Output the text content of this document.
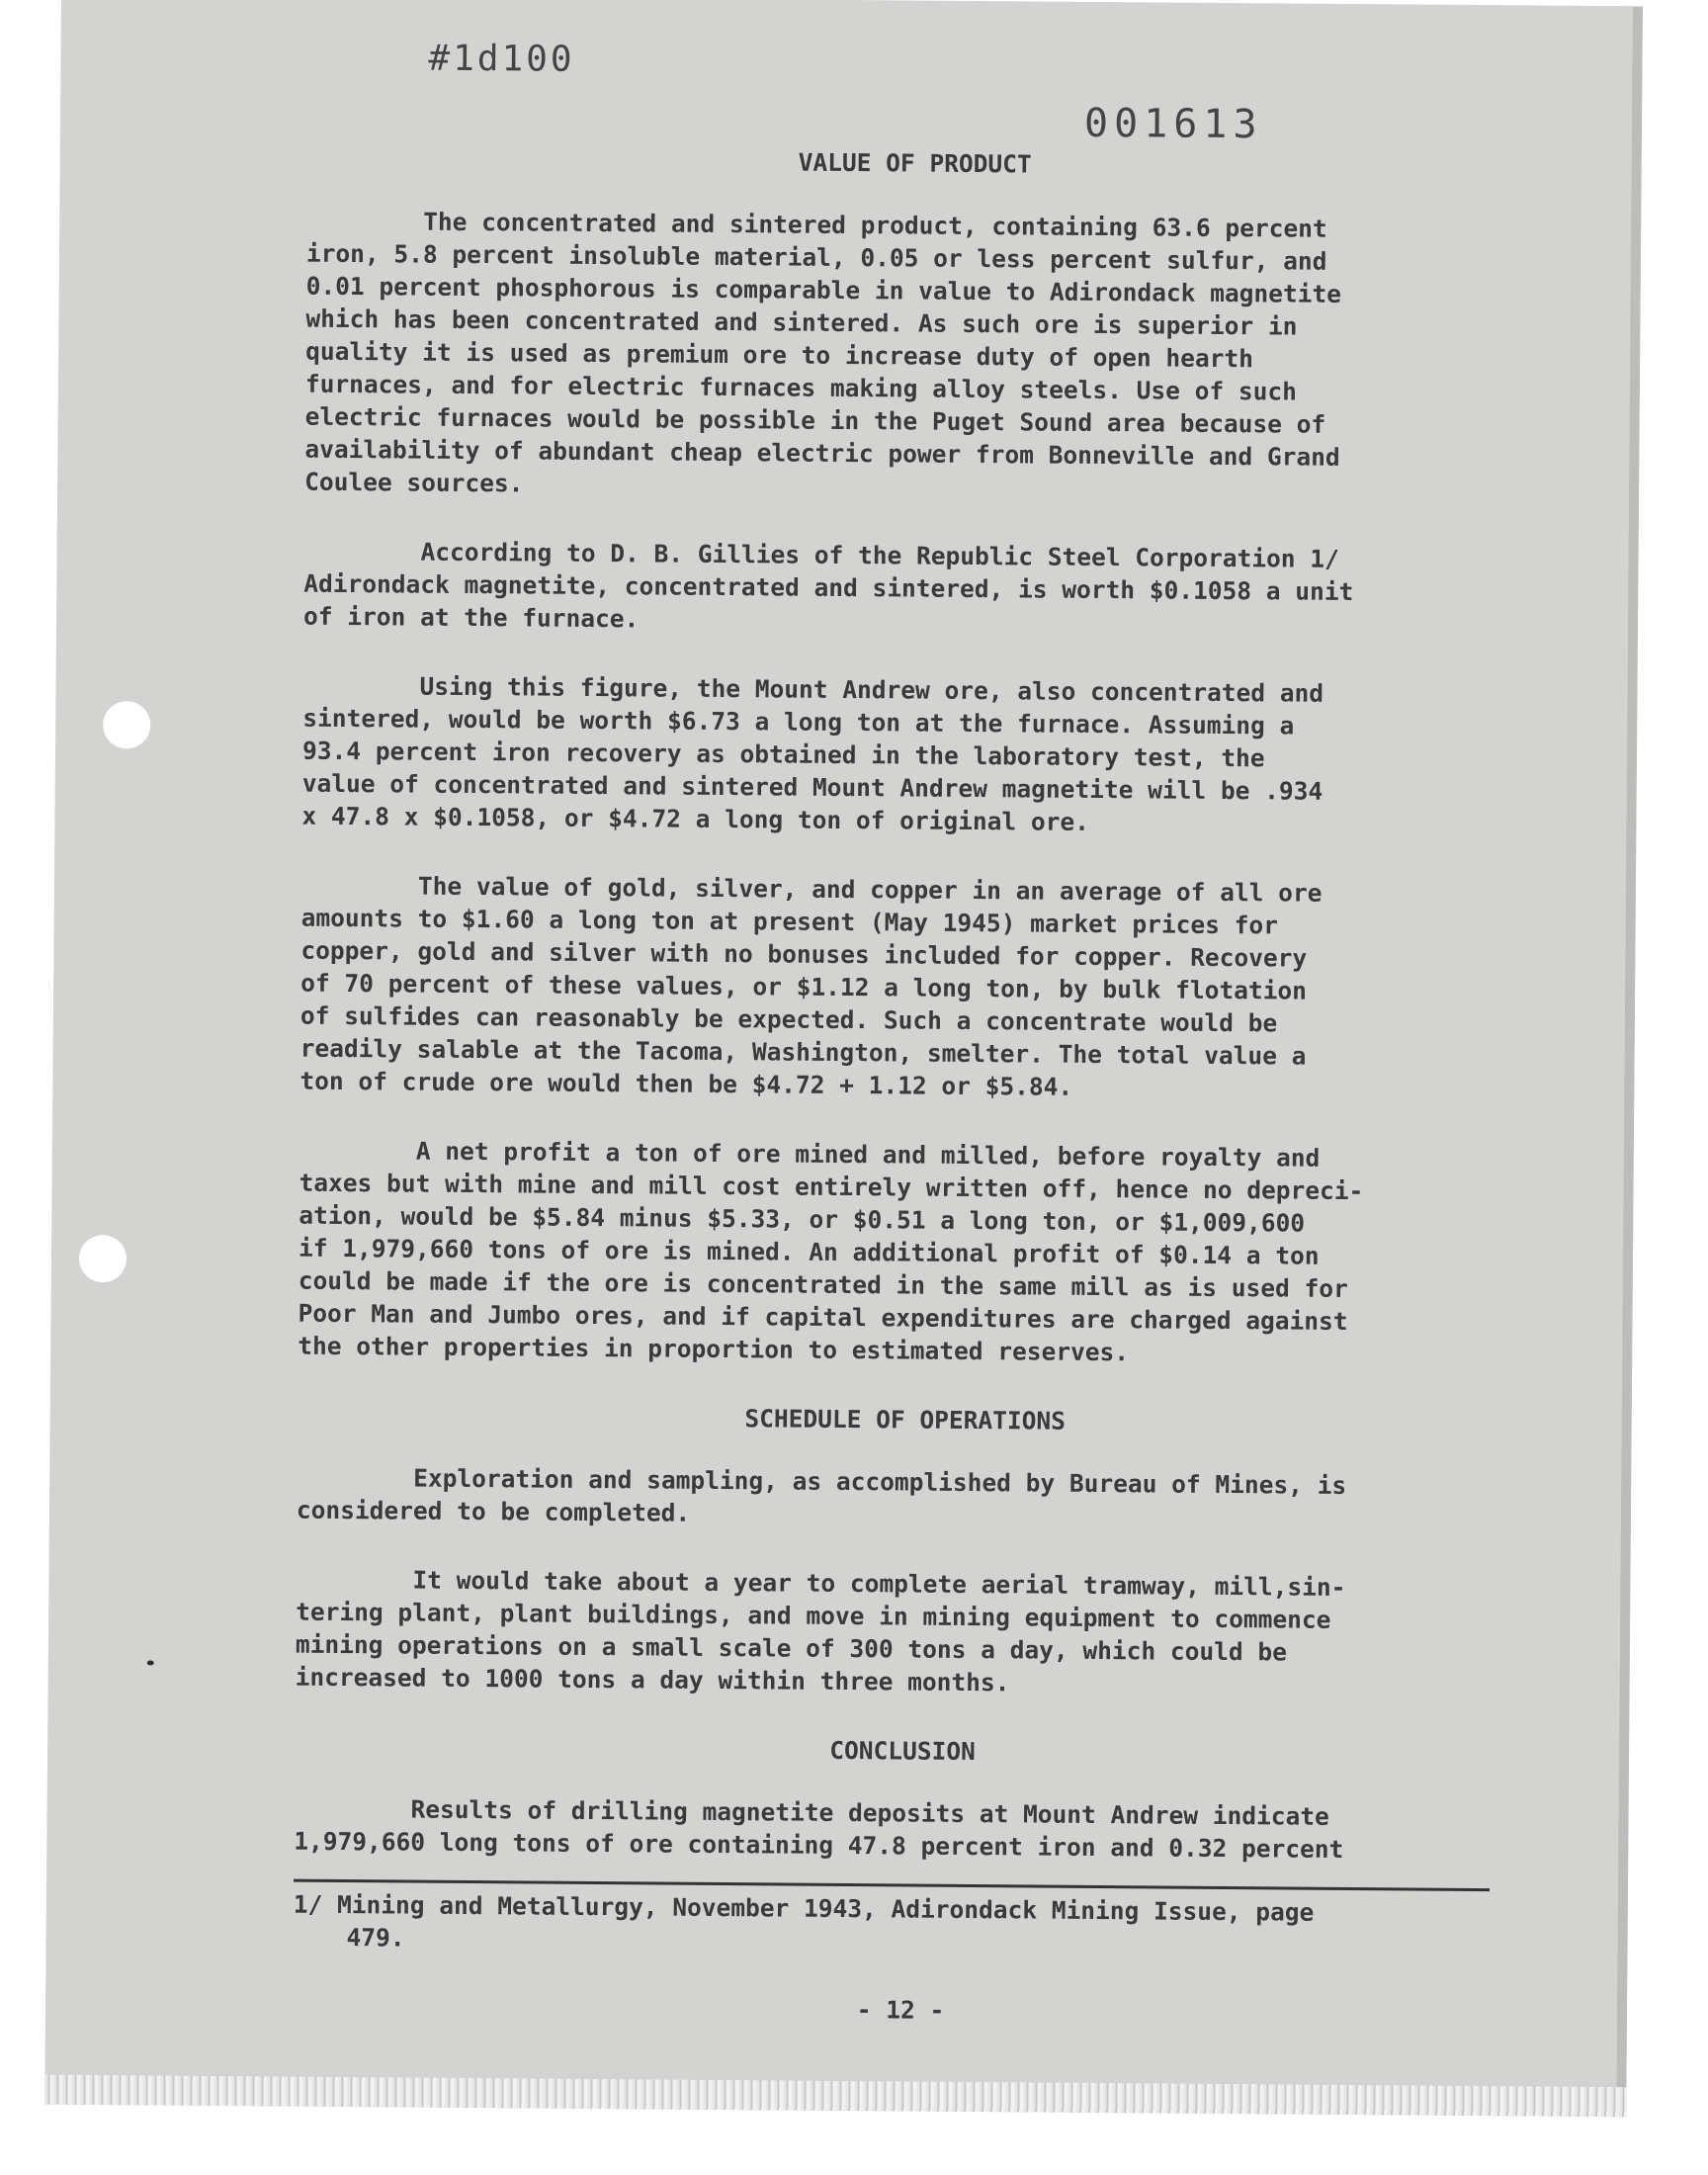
#1d100
001613
VALUE OF PRODUCT
The concentrated and sintered product, containing 63.6 percent
iron, 5.8 percent insoluble material, 0.05 or less percent sulfur, and
0.01 percent phosphorous is comparable in value to Adirondack magnetite
which has been concentrated and sintered. As such ore is superior in
quality it is used as premium ore to increase duty of open hearth
furnaces, and for electric furnaces making alloy steels. Use of such
electric furnaces would be possible in the Puget Sound area because of
availability of abundant cheap electric power from Bonneville and Grand
Coulee sources.
According to D. B. Gillies of the Republic Steel Corporation 1/
Adirondack magnetite, concentrated and sintered, is worth $0.1058 a unit
of iron at the furnace.
Using this figure, the Mount Andrew ore, also concentrated and
sintered, would be worth $6.73 a long ton at the furnace. Assuming a
93.4 percent iron recovery as obtained in the laboratory test, the
value of concentrated and sintered Mount Andrew magnetite will be .934
x 47.8 x $0.1058, or $4.72 a long ton of original ore.
The value of gold, silver, and copper in an average of all ore
amounts to $1.60 a long ton at present (May 1945) market prices for
copper, gold and silver with no bonuses included for copper. Recovery
of 70 percent of these values, or $1.12 a long ton, by bulk flotation
of sulfides can reasonably be expected. Such a concentrate would be
readily salable at the Tacoma, Washington, smelter. The total value a
ton of crude ore would then be $4.72 + 1.12 or $5.84.
A net profit a ton of ore mined and milled, before royalty and
taxes but with mine and mill cost entirely written off, hence no depreci-
ation, would be $5.84 minus $5.33, or $0.51 a long ton, or $1,009,600
if 1,979,660 tons of ore is mined. An additional profit of $0.14 a ton
could be made if the ore is concentrated in the same mill as is used for
Poor Man and Jumbo ores, and if capital expenditures are charged against
the other properties in proportion to estimated reserves.
SCHEDULE OF OPERATIONS
Exploration and sampling, as accomplished by Bureau of Mines, is
considered to be completed.
It would take about a year to complete aerial tramway, mill,sin-
tering plant, plant buildings, and move in mining equipment to commence
mining operations on a small scale of 300 tons a day, which could be
increased to 1000 tons a day within three months.
CONCLUSION
Results of drilling magnetite deposits at Mount Andrew indicate
1,979,660 long tons of ore containing 47.8 percent iron and 0.32 percent
1/ Mining and Metallurgy, November 1943, Adirondack Mining Issue, page
479.
- 12 -
